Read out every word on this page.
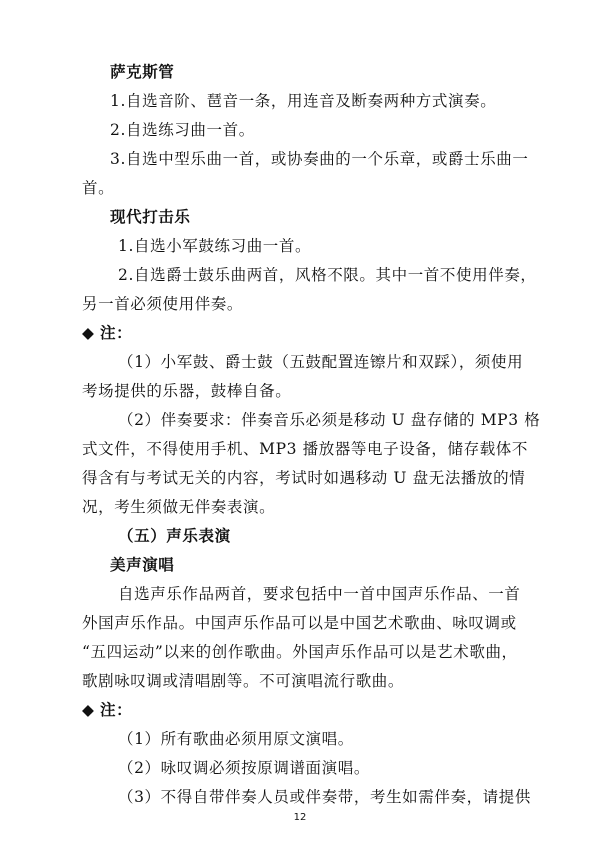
萨克斯管
1.自选音阶、琶音一条，用连音及断奏两种方式演奏。
2.自选练习曲一首。
3.自选中型乐曲一首，或协奏曲的一个乐章，或爵士乐曲一
首。
现代打击乐
1.自选小军鼓练习曲一首。
2.自选爵士鼓乐曲两首，风格不限。其中一首不使用伴奏，
另一首必须使用伴奏。
◆ 注：
（1）小军鼓、爵士鼓（五鼓配置连镲片和双踩），须使用
考场提供的乐器，鼓棒自备。
（2）伴奏要求：伴奏音乐必须是移动 U 盘存储的 MP3 格
式文件，不得使用手机、MP3 播放器等电子设备，储存载体不
得含有与考试无关的内容，考试时如遇移动 U 盘无法播放的情
况，考生须做无伴奏表演。
（五）声乐表演
美声演唱
自选声乐作品两首，要求包括中一首中国声乐作品、一首
外国声乐作品。中国声乐作品可以是中国艺术歌曲、咏叹调或
“五四运动”以来的创作歌曲。外国声乐作品可以是艺术歌曲，
歌剧咏叹调或清唱剧等。不可演唱流行歌曲。
◆ 注：
（1）所有歌曲必须用原文演唱。
（2）咏叹调必须按原调谱面演唱。
（3）不得自带伴奏人员或伴奏带，考生如需伴奏，请提供
12
